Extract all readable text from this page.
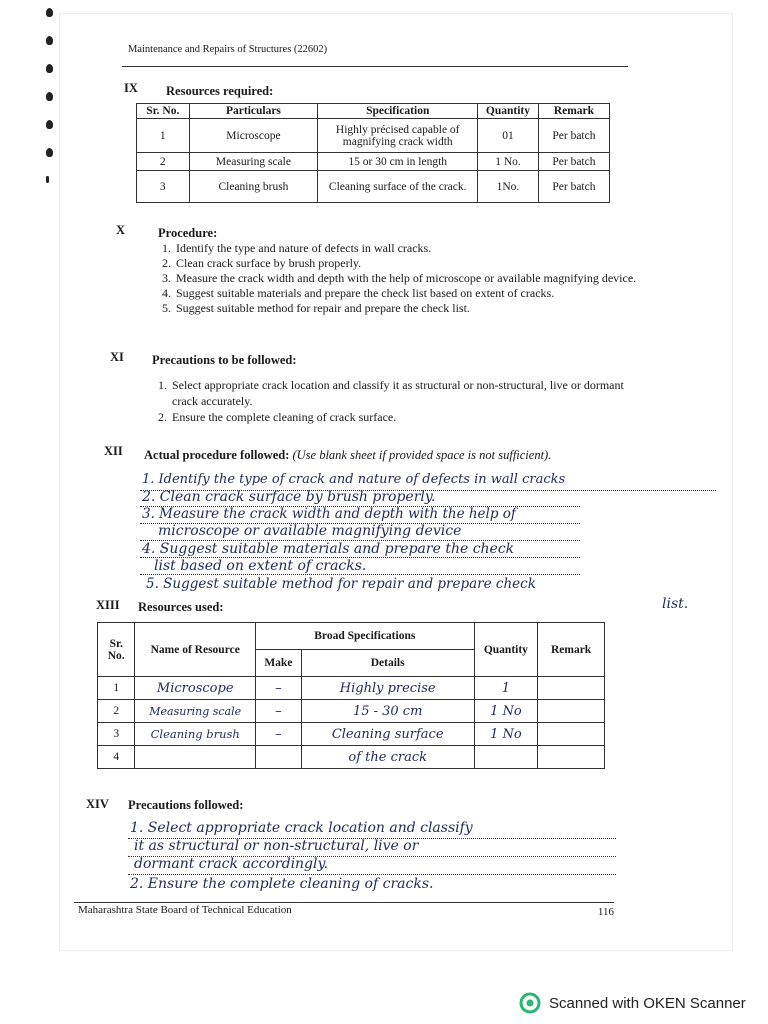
Maintenance and Repairs of Structures (22602)
IX Resources required:
Sr. No.	Particulars	Specification	Quantity	Remark
1	Microscope	Highly précised capable of magnifying crack width	01	Per batch
2	Measuring scale	15 or 30 cm in length	1 No.	Per batch
3	Cleaning brush	Cleaning surface of the crack.	1No.	Per batch
X	Procedure:
1. Identify the type and nature of defects in wall cracks.
2. Clean crack surface by brush properly.
3. Measure the crack width and depth with the help of microscope or available magnifying device.
4. Suggest suitable materials and prepare the check list based on extent of cracks.
5. Suggest suitable method for repair and prepare the check list.
XI Precautions to be followed:
1. Select appropriate crack location and classify it as structural or non-structural, live or dormant crack accurately.
2. Ensure the complete cleaning of crack surface.
XII Actual procedure followed: (Use blank sheet if provided space is not sufficient).
1. Identify the type of crack and nature of defects in wall cracks
2. Clean crack surface by brush properly.
3. Measure the crack width and depth with the help of
microscope or available magnifying device
4. Suggest suitable materials and prepare the check
list based on extent of cracks.
5. Suggest suitable method for repair and prepare check
list.
XIII Resources used:
Sr. No.	Name of Resource	Broad Specifications		Quantity	Remark
		Make	Details		
1	Microscope	–	Highly precise	1	
2	Measuring scale	–	15 - 30 cm	1 No	
3	Cleaning brush	–	Cleaning surface	1 No	
4			of the crack		
XIV Precautions followed:
1. Select appropriate crack location and classify
it as structural or non-structural, live or
dormant crack accordingly.
2. Ensure the complete cleaning of cracks.
Maharashtra State Board of Technical Education	116
Scanned with OKEN Scanner
